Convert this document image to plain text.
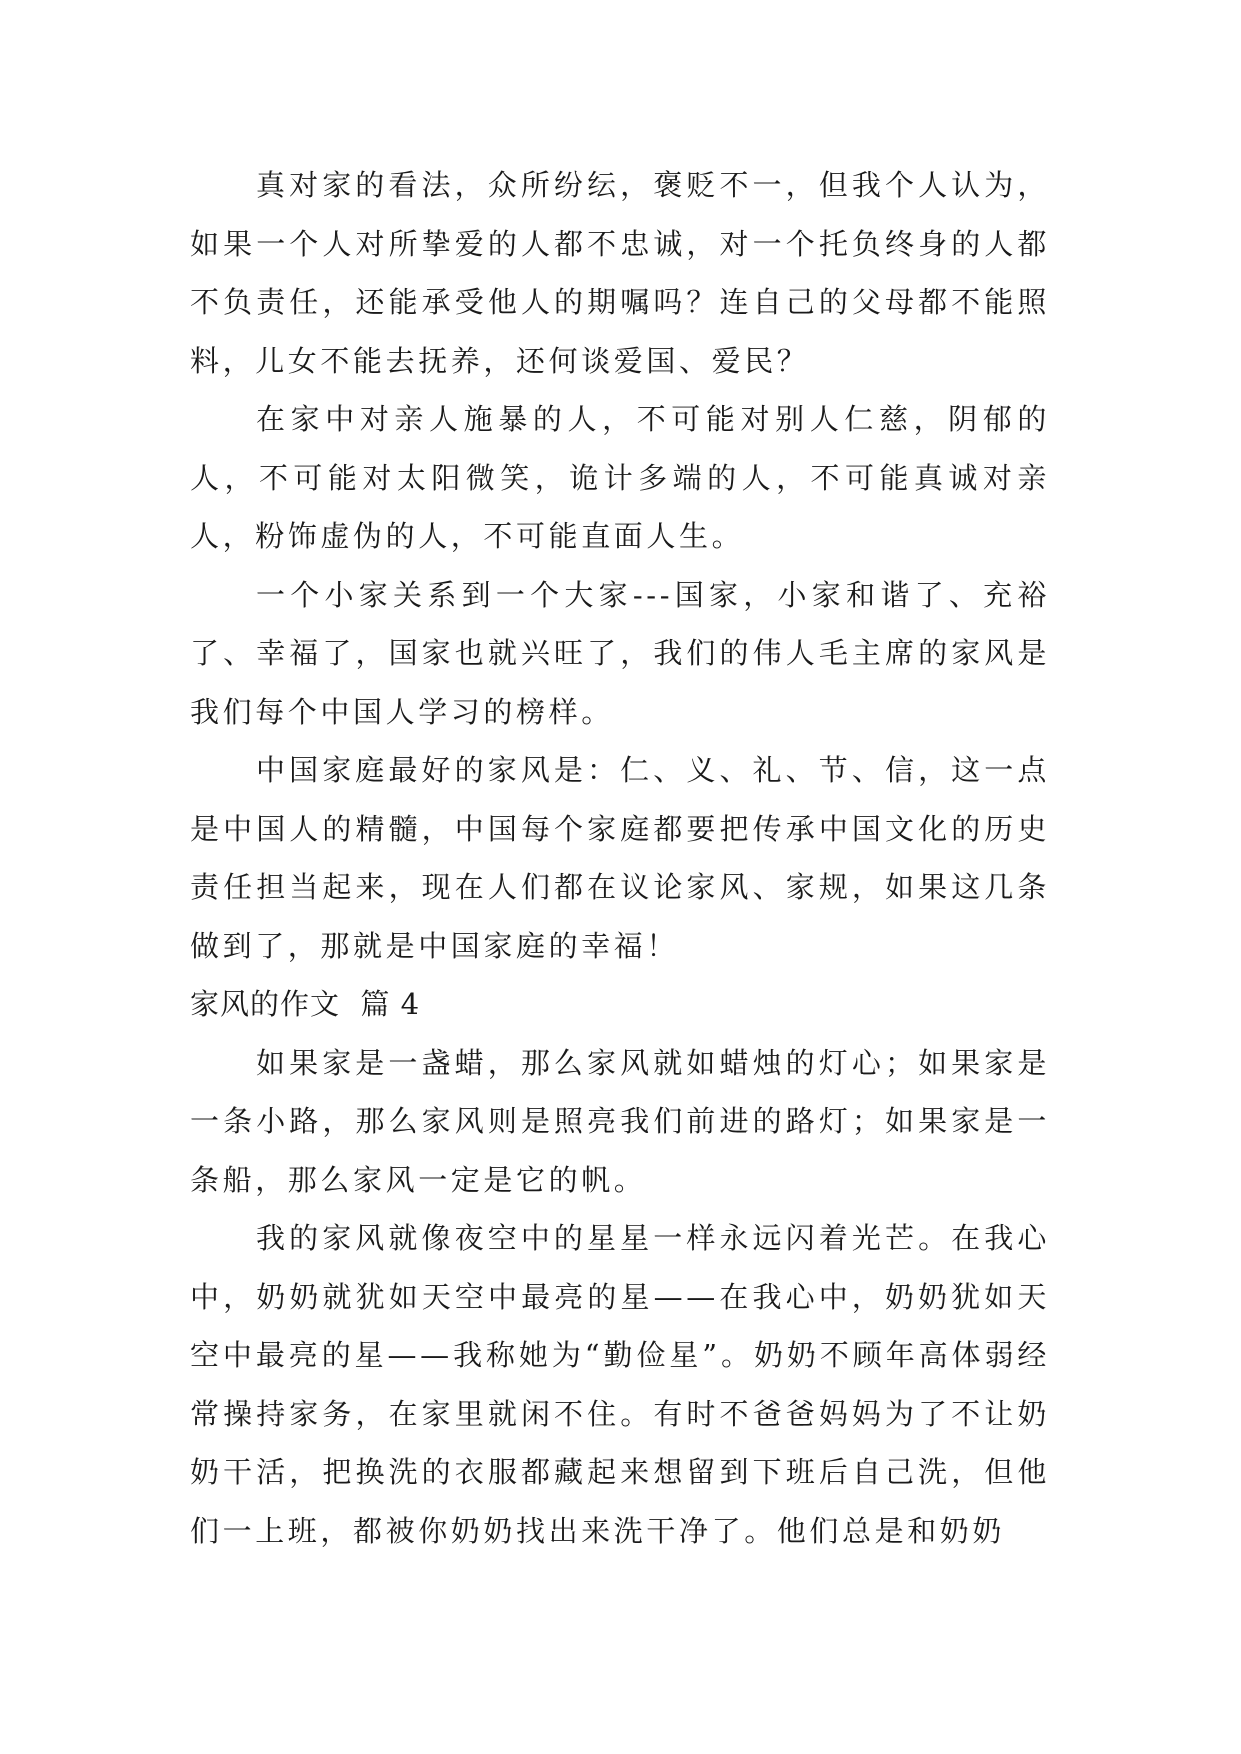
真对家的看法，众所纷纭，褒贬不一，但我个人认为，如果一个人对所挚爱的人都不忠诚，对一个托负终身的人都不负责任，还能承受他人的期嘱吗？连自己的父母都不能照料，儿女不能去抚养，还何谈爱国、爱民？

在家中对亲人施暴的人，不可能对别人仁慈，阴郁的人，不可能对太阳微笑，诡计多端的人，不可能真诚对亲人，粉饰虚伪的人，不可能直面人生。

一个小家关系到一个大家---国家，小家和谐了、充裕了、幸福了，国家也就兴旺了，我们的伟人毛主席的家风是我们每个中国人学习的榜样。

中国家庭最好的家风是：仁、义、礼、节、信，这一点是中国人的精髓，中国每个家庭都要把传承中国文化的历史责任担当起来，现在人们都在议论家风、家规，如果这几条做到了，那就是中国家庭的幸福！

家风的作文  篇 4

如果家是一盏蜡，那么家风就如蜡烛的灯心；如果家是一条小路，那么家风则是照亮我们前进的路灯；如果家是一条船，那么家风一定是它的帆。

我的家风就像夜空中的星星一样永远闪着光芒。在我心中，奶奶就犹如天空中最亮的星——在我心中，奶奶犹如天空中最亮的星——我称她为“勤俭星”。奶奶不顾年高体弱经常操持家务，在家里就闲不住。有时不爸爸妈妈为了不让奶奶干活，把换洗的衣服都藏起来想留到下班后自己洗，但他们一上班，都被你奶奶找出来洗干净了。他们总是和奶奶
